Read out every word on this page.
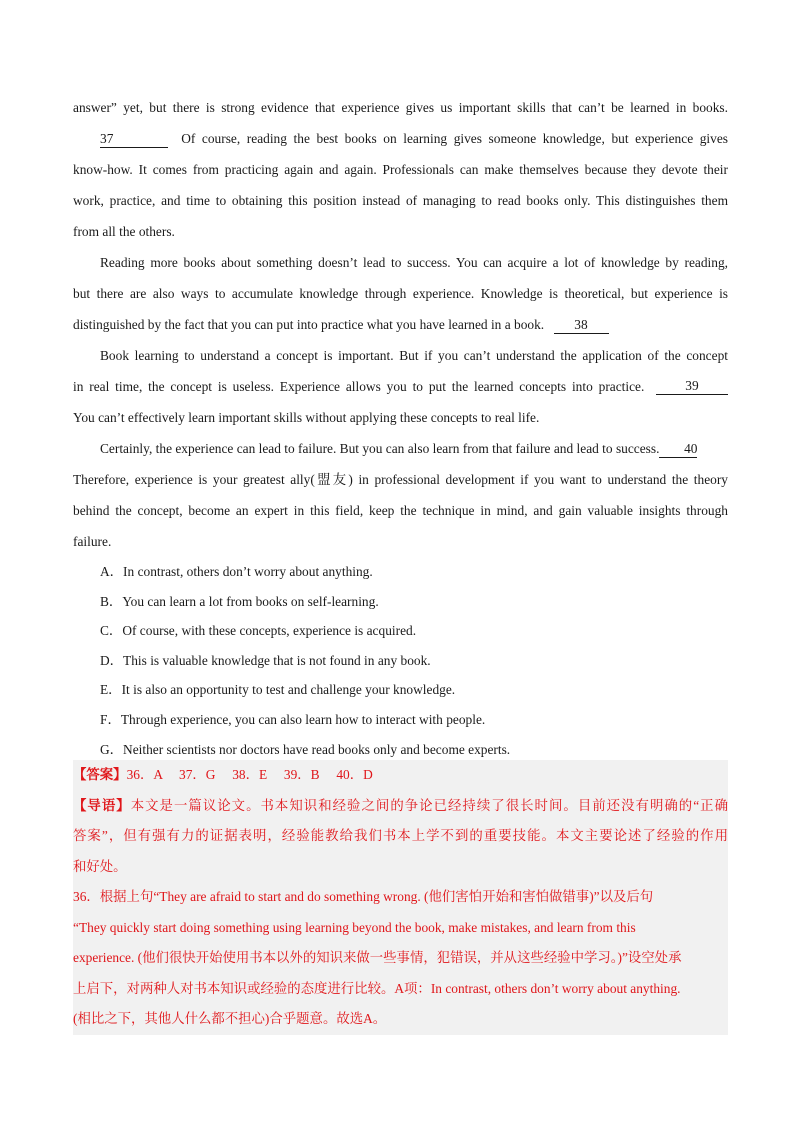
answer” yet, but there is strong evidence that experience gives us important skills that can’t be learned in books.
37	Of course, reading the best books on learning gives someone knowledge, but experience gives
know-how. It comes from practicing again and again. Professionals can make themselves because they devote their
work, practice, and time to obtaining this position instead of managing to read books only. This distinguishes them
from all the others.
Reading more books about something doesn’t lead to success. You can acquire a lot of knowledge by reading,
but there are also ways to accumulate knowledge through experience. Knowledge is theoretical, but experience is
distinguished by the fact that you can put into practice what you have learned in a book. 38
Book learning to understand a concept is important. But if you can’t understand the application of the concept
in real time, the concept is useless. Experience allows you to put the learned concepts into practice.	39
You can’t effectively learn important skills without applying these concepts to real life.
Certainly, the experience can lead to failure. But you can also learn from that failure and lead to success. 40
Therefore, experience is your greatest ally(盟友) in professional development if you want to understand the theory
behind the concept, become an expert in this field, keep the technique in mind, and gain valuable insights through
failure.
A．In contrast, others don’t worry about anything.
B．You can learn a lot from books on self-learning.
C．Of course, with these concepts, experience is acquired.
D．This is valuable knowledge that is not found in any book.
E．It is also an opportunity to test and challenge your knowledge.
F．Through experience, you can also learn how to interact with people.
G．Neither scientists nor doctors have read books only and become experts.
【答案】36．A　 37．G　 38．E　 39．B　 40．D
【导语】本文是一篇议论文。书本知识和经验之间的争论已经持续了很长时间。目前还没有明确的“正确
答案”，但有强有力的证据表明，经验能教给我们书本上学不到的重要技能。本文主要论述了经验的作用
和好处。
36．根据上句“They are afraid to start and do something wrong. (他们害怕开始和害怕做错事)”以及后句
“They quickly start doing something using learning beyond the book, make mistakes, and learn from this
experience. (他们很快开始使用书本以外的知识来做一些事情，犯错误，并从这些经验中学习。)”设空处承
上启下，对两种人对书本知识或经验的态度进行比较。A项：In contrast, others don’t worry about anything.
(相比之下，其他人什么都不担心)合乎题意。故选A。
